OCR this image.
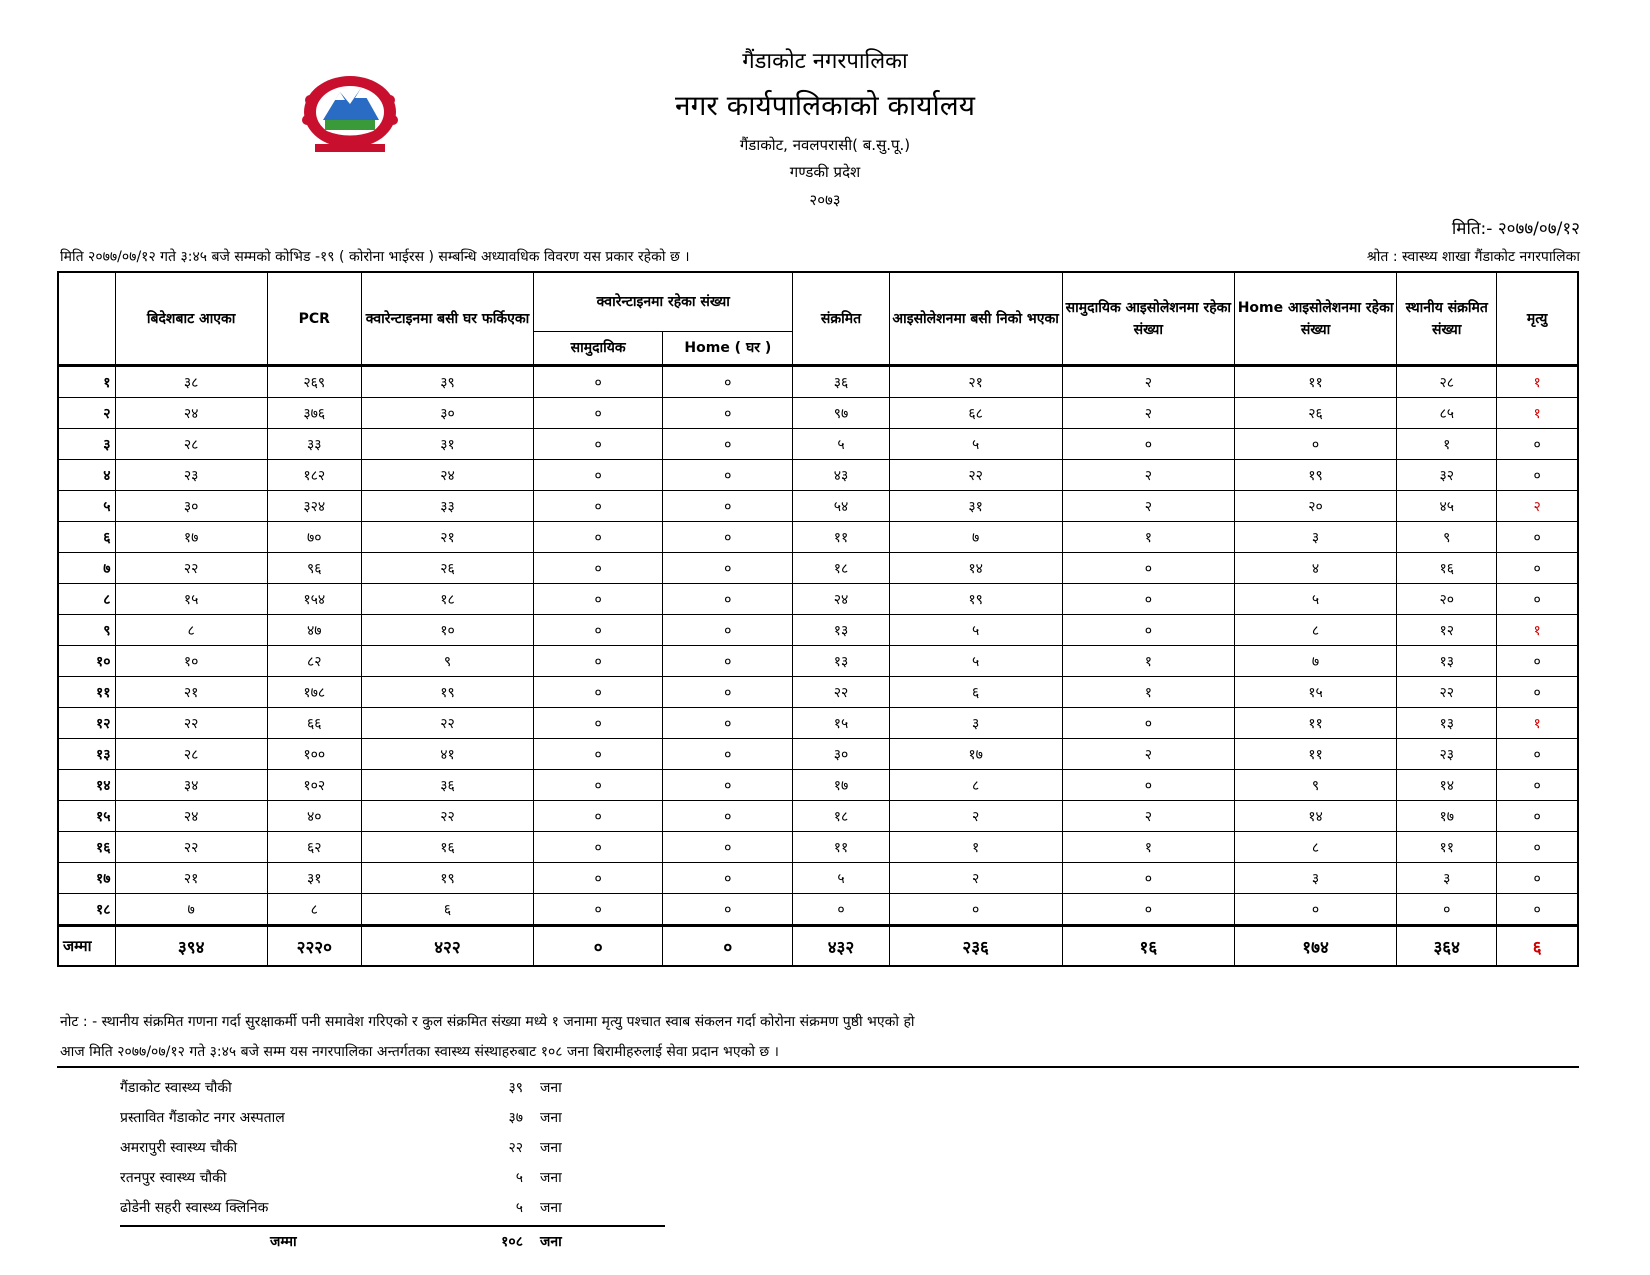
गैंडाकोट नगरपालिका
नगर कार्यपालिकाको कार्यालय
गैंडाकोट, नवलपरासी( ब.सु.पू.)
गण्डकी प्रदेश
२०७३
मिति:- २०७७/०७/१२
मिति २०७७/०७/१२ गते ३:४५ बजे सम्मको कोभिड -१९ ( कोरोना भाईरस ) सम्बन्धि अध्यावधिक विवरण यस प्रकार रहेको छ ।	श्रोत : स्वास्थ्य शाखा गैंडाकोट नगरपालिका
	बिदेशबाट आएका	PCR	क्वारेन्टाइनमा बसी घर फर्किएका	क्वारेन्टाइनमा रहेका संख्या		संक्रमित	आइसोलेशनमा बसी निको भएका	सामुदायिक आइसोलेशनमा रहेका संख्या	Home आइसोलेशनमा रहेका संख्या	स्थानीय संक्रमित संख्या	मृत्यु
				सामुदायिक	Home ( घर )						
१	३८	२६९	३९	०	०	३६	२१	२	११	२८	१
२	२४	३७६	३०	०	०	९७	६८	२	२६	८५	१
३	२८	३३	३१	०	०	५	५	०	०	१	०
४	२३	१८२	२४	०	०	४३	२२	२	१९	३२	०
५	३०	३२४	३३	०	०	५४	३१	२	२०	४५	२
६	१७	७०	२१	०	०	११	७	१	३	९	०
७	२२	९६	२६	०	०	१८	१४	०	४	१६	०
८	१५	१५४	१८	०	०	२४	१९	०	५	२०	०
९	८	४७	१०	०	०	१३	५	०	८	१२	१
१०	१०	८२	९	०	०	१३	५	१	७	१३	०
११	२१	१७८	१९	०	०	२२	६	१	१५	२२	०
१२	२२	६६	२२	०	०	१५	३	०	११	१३	१
१३	२८	१००	४१	०	०	३०	१७	२	११	२३	०
१४	३४	१०२	३६	०	०	१७	८	०	९	१४	०
१५	२४	४०	२२	०	०	१८	२	२	१४	१७	०
१६	२२	६२	१६	०	०	११	१	१	८	११	०
१७	२१	३१	१९	०	०	५	२	०	३	३	०
१८	७	८	६	०	०	०	०	०	०	०	०
जम्मा	३९४	२२२०	४२२	०	०	४३२	२३६	१६	१७४	३६४	६
नोट : - स्थानीय संक्रमित गणना गर्दा सुरक्षाकर्मी पनी समावेश गरिएको र कुल संक्रमित संख्या मध्ये १ जनामा मृत्यु पश्चात स्वाब संकलन गर्दा कोरोना संक्रमण पुष्ठी भएको हो
आज मिति २०७७/०७/१२ गते ३:४५ बजे सम्म यस नगरपालिका अन्तर्गतका स्वास्थ्य संस्थाहरुबाट १०८ जना बिरामीहरुलाई सेवा प्रदान भएको छ ।
गैंडाकोट स्वास्थ्य चौकी	३९ जना
प्रस्तावित गैंडाकोट नगर अस्पताल	३७ जना
अमरापुरी स्वास्थ्य चौकी	२२ जना
रतनपुर स्वास्थ्य चौकी	५ जना
ढोडेनी सहरी स्वास्थ्य क्लिनिक	५ जना
जम्मा	१०८ जना
